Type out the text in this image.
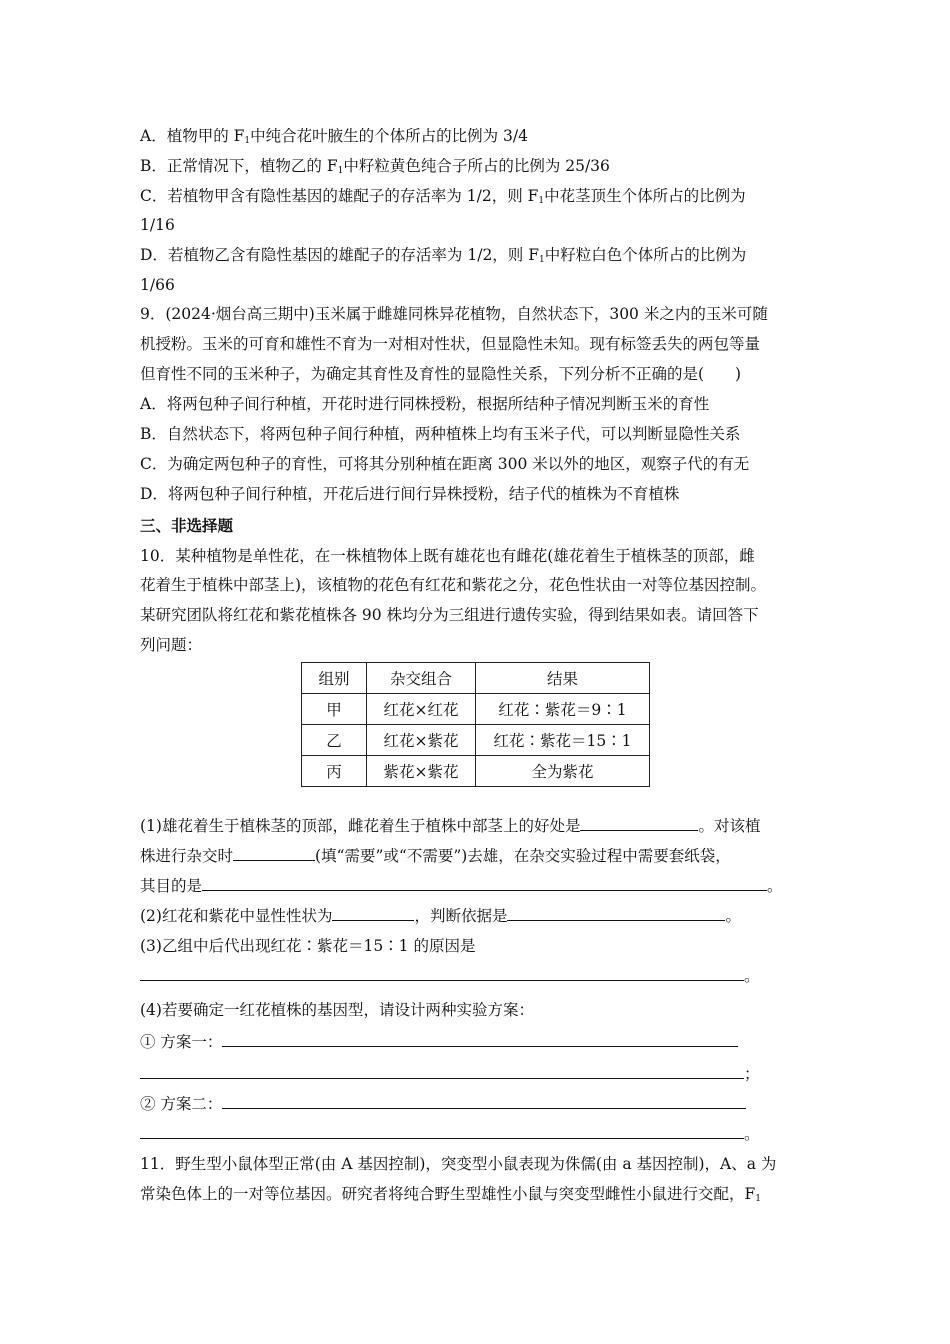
A．植物甲的 $F_1$中纯合花叶腋生的个体所占的比例为 3/4
B．正常情况下，植物乙的 $F_1$中籽粒黄色纯合子所占的比例为 25/36
C．若植物甲含有隐性基因的雄配子的存活率为 1/2，则 $F_1$中花茎顶生个体所占的比例为
1/16
D．若植物乙含有隐性基因的雄配子的存活率为 1/2，则 $F_1$中籽粒白色个体所占的比例为
1/66
9．(2024·烟台高三期中)玉米属于雌雄同株异花植物，自然状态下，300 米之内的玉米可随
机授粉。玉米的可育和雄性不育为一对相对性状，但显隐性未知。现有标签丢失的两包等量
但育性不同的玉米种子，为确定其育性及育性的显隐性关系，下列分析不正确的是(　　)
A．将两包种子间行种植，开花时进行同株授粉，根据所结种子情况判断玉米的育性
B．自然状态下，将两包种子间行种植，两种植株上均有玉米子代，可以判断显隐性关系
C．为确定两包种子的育性，可将其分别种植在距离 300 米以外的地区，观察子代的有无
D．将两包种子间行种植，开花后进行间行异株授粉，结子代的植株为不育植株
三、非选择题
10．某种植物是单性花，在一株植物体上既有雄花也有雌花(雄花着生于植株茎的顶部，雌
花着生于植株中部茎上)，该植物的花色有红花和紫花之分，花色性状由一对等位基因控制。
某研究团队将红花和紫花植株各 90 株均分为三组进行遗传实验，得到结果如表。请回答下
列问题：
组别	杂交组合	结果
甲	红花×红花	红花∶紫花＝9∶1
乙	红花×紫花	红花∶紫花＝15∶1
丙	紫花×紫花	全为紫花
(1)雄花着生于植株茎的顶部，雌花着生于植株中部茎上的好处是	。对该植
株进行杂交时	(填“需要”或“不需要”)去雄，在杂交实验过程中需要套纸袋，
其目的是	。
(2)红花和紫花中显性性状为	，判断依据是	。
(3)乙组中后代出现红花∶紫花＝15∶1 的原因是
。
(4)若要确定一红花植株的基因型，请设计两种实验方案：
① 方案一：
；
② 方案二：
。
11．野生型小鼠体型正常(由 A 基因控制)，突变型小鼠表现为侏儒(由 a 基因控制)，A、a 为
常染色体上的一对等位基因。研究者将纯合野生型雄性小鼠与突变型雌性小鼠进行交配，$F_1$
